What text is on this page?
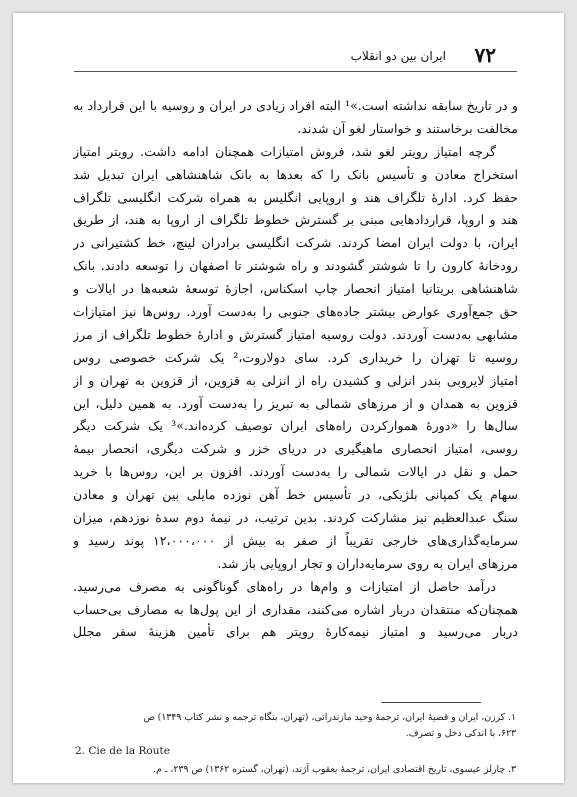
۷۲
ایران بین دو انقلاب
و در تاریخ سابقه نداشته است.»¹ البته افراد زیادی در ایران و روسیه با این قرارداد به
مخالفت برخاستند و خواستار لغو آن شدند.
گرچه امتیاز رویتر لغو شد، فروش امتیازات همچنان ادامه داشت. رویتر امتیاز
استخراج معادن و تأسیس بانک را که بعدها به بانک شاهنشاهی ایران تبدیل شد
حفظ کرد. ادارهٔ تلگراف هند و اروپایی انگلیس به همراه شرکت انگلیسی تلگراف
هند و اروپا، قراردادهایی مبنی بر گسترش خطوط تلگراف از اروپا به هند، از طریق
ایران، با دولت ایران امضا کردند. شرکت انگلیسی برادران لینچ، خط کشتیرانی در
رودخانهٔ کارون را تا شوشتر گشودند و راه شوشتر تا اصفهان را توسعه دادند. بانک
شاهنشاهی بریتانیا امتیاز انحصار چاپ اسکناس، اجازهٔ توسعهٔ شعبه‌ها در ایالات و
حق جمع‌آوری عوارض بیشتر جاده‌های جنوبی را به‌دست آورد. روس‌ها نیز امتیازات
مشابهی به‌دست آوردند. دولت روسیه امتیاز گسترش و ادارهٔ خطوط تلگراف از مرز
روسیه تا تهران را خریداری کرد. سای دولاروت،² یک شرکت خصوصی روس
امتیاز لایروبی بندر انزلی و کشیدن راه از انزلی به قزوین، از قزوین به تهران و از
قزوین به همدان و از مرزهای شمالی به تبریز را به‌دست آورد. به همین دلیل، این
سال‌ها را «دورهٔ هموارکردن راه‌های ایران توصیف کرده‌اند.»³ یک شرکت دیگر
روسی، امتیاز انحصاری ماهیگیری در دریای خزر و شرکت دیگری، انحصار بیمهٔ
حمل و نقل در ایالات شمالی را به‌دست آوردند. افزون بر این، روس‌ها با خرید
سهام یک کمپانی بلژیکی، در تأسیس خط آهن نوزده مایلی بین تهران و معادن
سنگ عبدالعظیم نیز مشارکت کردند. بدین ترتیب، در نیمهٔ دوم سدهٔ نوزدهم، میزان
سرمایه‌گذاری‌های خارجی تقریباً از صفر به بیش از ۱۲،۰۰۰،۰۰۰ پوند رسید و
مرزهای ایران به روی سرمایه‌داران و تجار اروپایی باز شد.
درآمد حاصل از امتیازات و وام‌ها در راه‌های گوناگونی به مصرف می‌رسید.
همچنان‌که منتقدان دربار اشاره می‌کنند، مقداری از این پول‌ها به مصارف بی‌حساب
دربار می‌رسید و امتیاز نیمه‌کارهٔ رویتر هم برای تأمین هزینهٔ سفر مجلل
۱. کرزن، ایران و قضیهٔ ایران، ترجمهٔ وحید مازندرانی، (تهران، بنگاه ترجمه و نشر کتاب ۱۳۴۹) ص
۶۲۳، با اندکی دخل و تصرف.
2. Cie de la Route
۳. چارلز عیسوی، تاریخ اقتصادی ایران، ترجمهٔ یعقوب آژند، (تهران، گستره ۱۳۶۲) ص ۲۳۹، ـ م.
